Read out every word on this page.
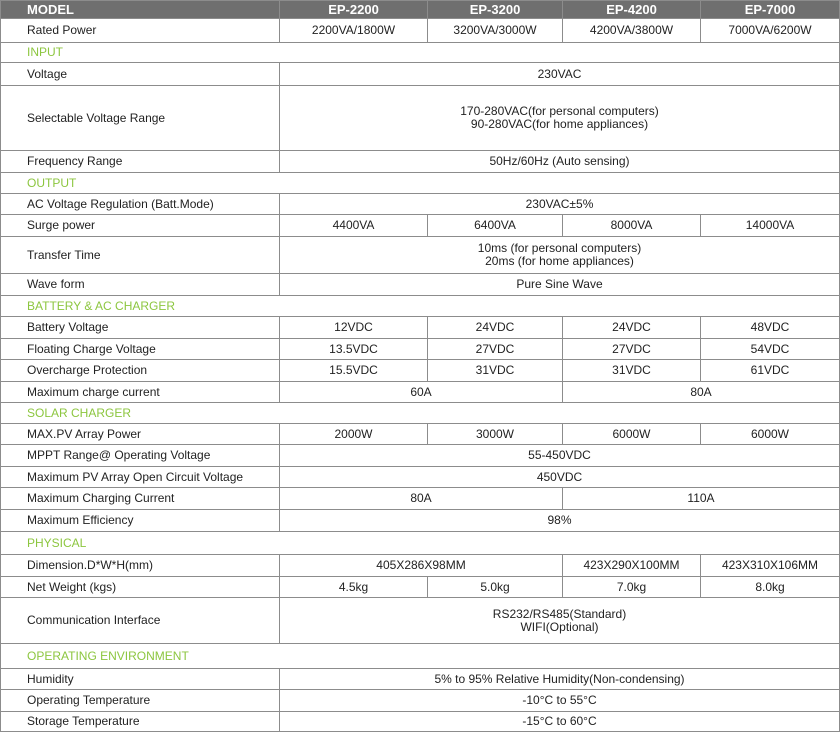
MODEL	EP-2200	EP-3200	EP-4200	EP-7000
Rated Power	2200VA/1800W	3200VA/3000W	4200VA/3800W	7000VA/6200W
INPUT				
Voltage	230VAC			
Selectable Voltage Range	170-280VAC(for personal computers)
90-280VAC(for home appliances)			

Frequency Range	50Hz/60Hz (Auto sensing)			
OUTPUT				
AC Voltage Regulation (Batt.Mode)	230VAC±5%			
Surge power	4400VA	6400VA	8000VA	14000VA
Transfer Time	10ms (for personal computers)
20ms (for home appliances)			

Wave form	Pure Sine Wave			
BATTERY & AC CHARGER				
Battery Voltage	12VDC	24VDC	24VDC	48VDC
Floating Charge Voltage	13.5VDC	27VDC	27VDC	54VDC
Overcharge Protection	15.5VDC	31VDC	31VDC	61VDC
Maximum charge current	60A		80A	
SOLAR CHARGER				
MAX.PV Array Power	2000W	3000W	6000W	6000W
MPPT Range@ Operating Voltage	55-450VDC			
Maximum PV Array Open Circuit Voltage	450VDC			
Maximum Charging Current	80A		110A	
Maximum Efficiency	98%			
PHYSICAL				
Dimension.D*W*H(mm)	405X286X98MM		423X290X100MM	423X310X106MM
Net Weight (kgs)	4.5kg	5.0kg	7.0kg	8.0kg
Communication Interface	RS232/RS485(Standard)
WIFI(Optional)			

OPERATING ENVIRONMENT				
Humidity	5% to 95% Relative Humidity(Non-condensing)			
Operating Temperature	-10°C to 55°C			
Storage Temperature	-15°C to 60°C			
